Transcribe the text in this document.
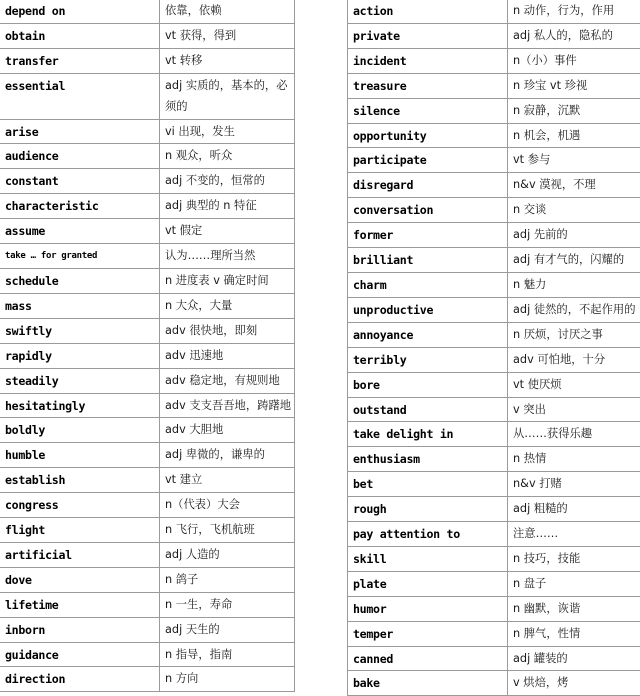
depend on	依靠，依赖
obtain	vt 获得，得到
transfer	vt 转移
essential	adj 实质的，基本的，必须的
arise	vi 出现，发生
audience	n 观众，听众
constant	adj 不变的，恒常的
characteristic	adj 典型的 n 特征
assume	vt 假定
take … for granted	认为……理所当然
schedule	n 进度表 v 确定时间
mass	n 大众，大量
swiftly	adv 很快地，即刻
rapidly	adv 迅速地
steadily	adv 稳定地，有规则地
hesitatingly	adv 支支吾吾地，踌躇地
boldly	adv 大胆地
humble	adj 卑微的，谦卑的
establish	vt 建立
congress	n（代表）大会
flight	n 飞行，飞机航班
artificial	adj 人造的
dove	n 鸽子
lifetime	n 一生，寿命
inborn	adj 天生的
guidance	n 指导，指南
direction	n 方向
action	n 动作，行为，作用
private	adj 私人的，隐私的
incident	n（小）事件
treasure	n 珍宝 vt 珍视
silence	n 寂静，沉默
opportunity	n 机会，机遇
participate	vt 参与
disregard	n&v 漠视，不理
conversation	n 交谈
former	adj 先前的
brilliant	adj 有才气的，闪耀的
charm	n 魅力
unproductive	adj 徒然的，不起作用的
annoyance	n 厌烦，讨厌之事
terribly	adv 可怕地，十分
bore	vt 使厌烦
outstand	v 突出
take delight in	从……获得乐趣
enthusiasm	n 热情
bet	n&v 打赌
rough	adj 粗糙的
pay attention to	注意……
skill	n 技巧，技能
plate	n 盘子
humor	n 幽默，诙谐
temper	n 脾气，性情
canned	adj 罐装的
bake	v 烘焙，烤
